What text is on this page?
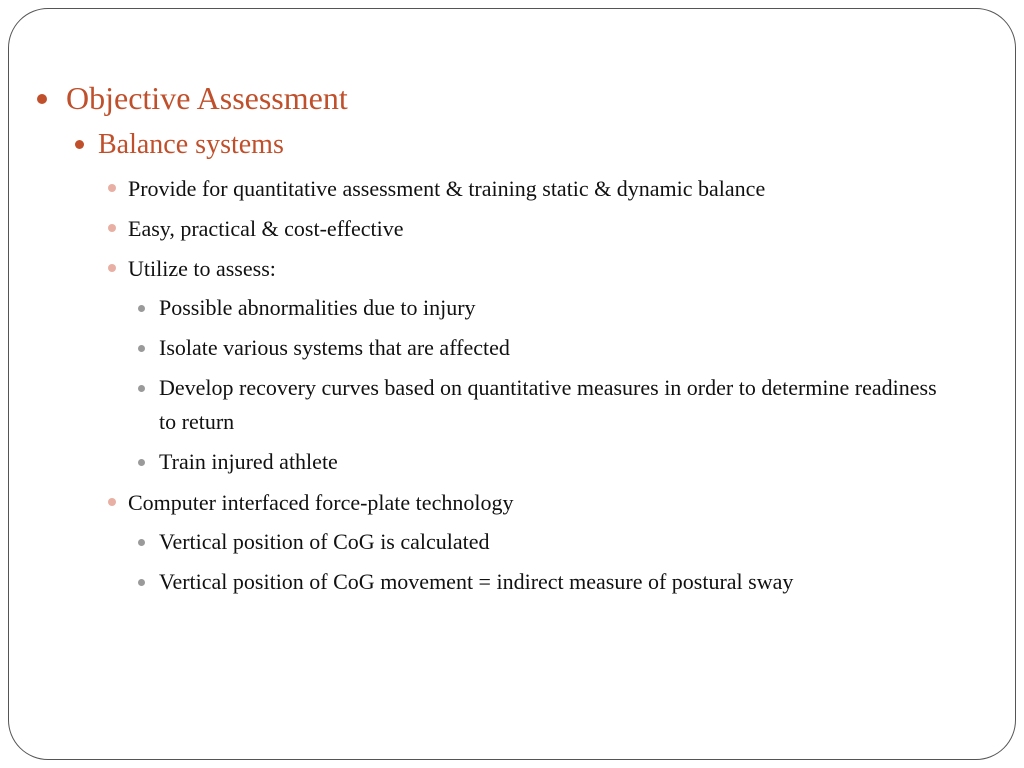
Objective Assessment
Balance systems
Provide for quantitative assessment & training static & dynamic balance
Easy, practical & cost-effective
Utilize to assess:
Possible abnormalities due to injury
Isolate various systems that are affected
Develop recovery curves based on quantitative measures in order to determine readiness to return
Train injured athlete
Computer interfaced force-plate technology
Vertical position of CoG is calculated
Vertical position of CoG movement = indirect measure of postural sway
